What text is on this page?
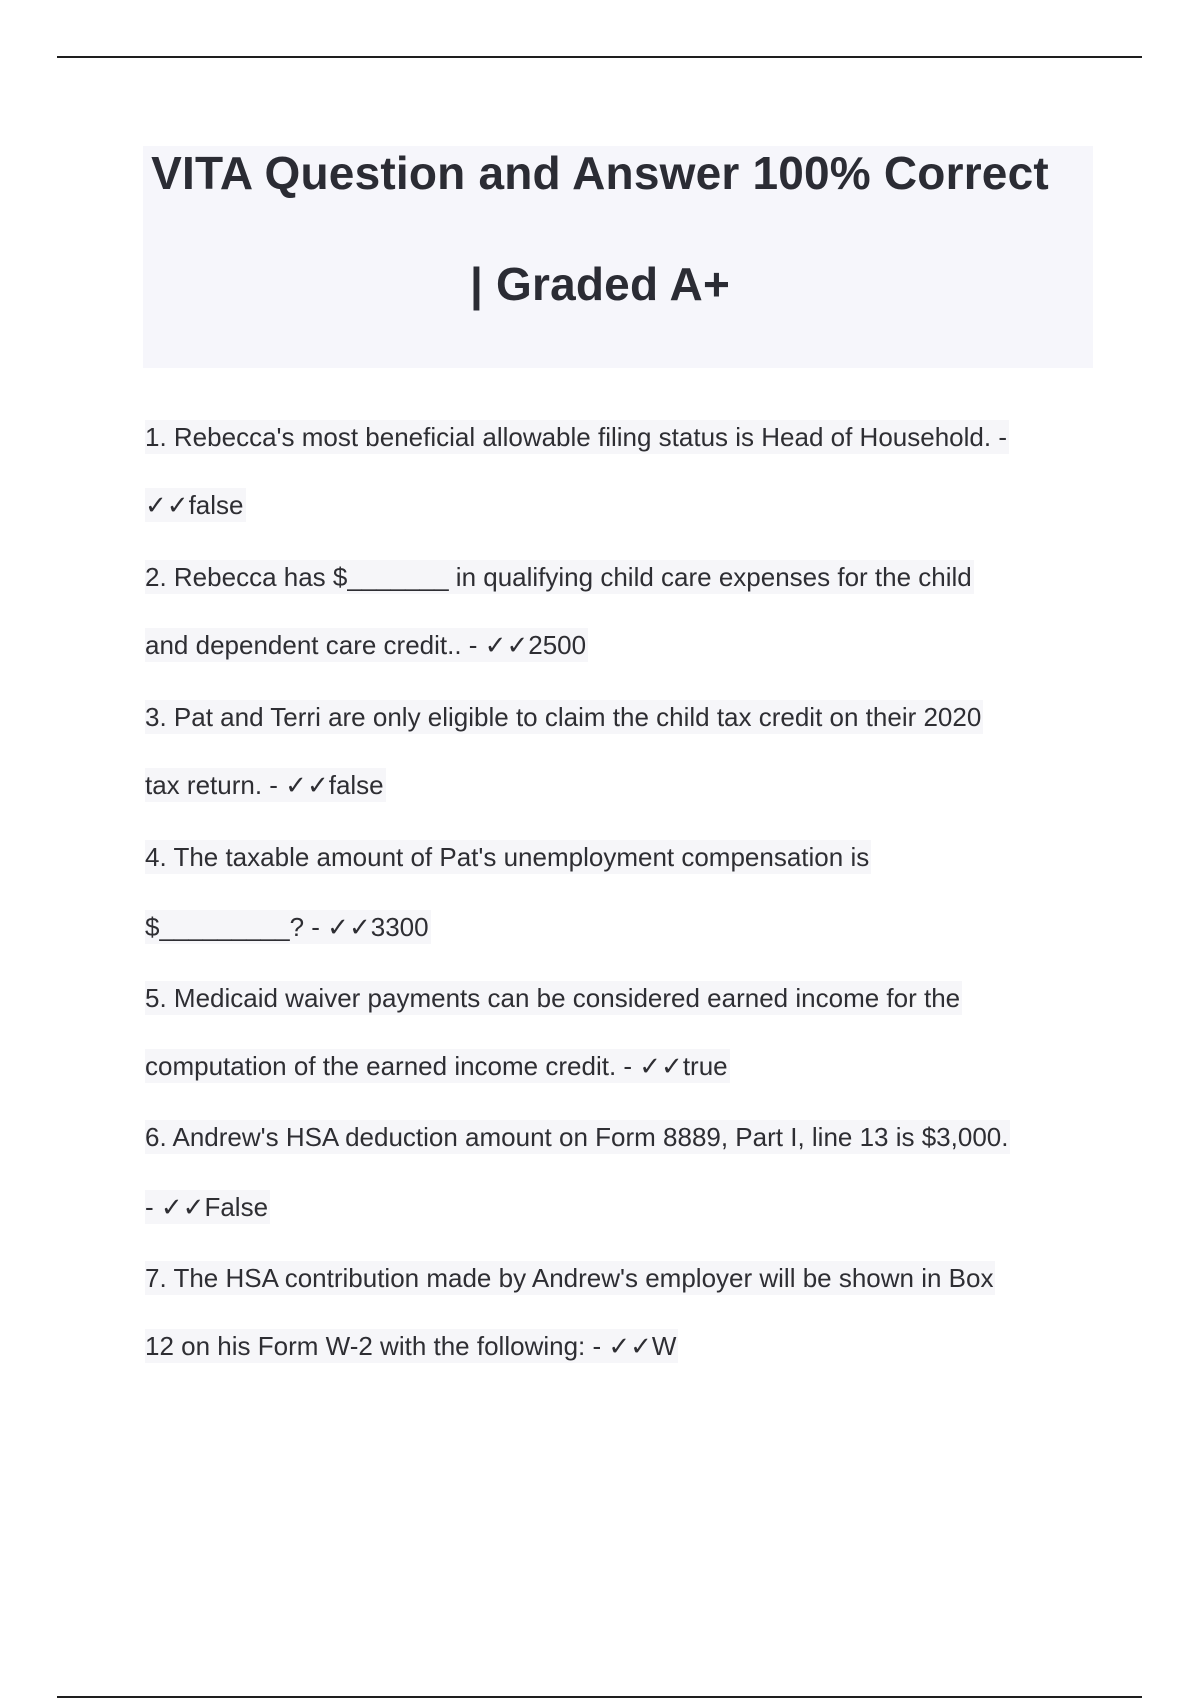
VITA Question and Answer 100% Correct
| Graded A+
1. Rebecca's most beneficial allowable filing status is Head of Household. -
✓✓false
2. Rebecca has $_______ in qualifying child care expenses for the child
and dependent care credit.. - ✓✓2500
3. Pat and Terri are only eligible to claim the child tax credit on their 2020
tax return. - ✓✓false
4. The taxable amount of Pat's unemployment compensation is
$_________? - ✓✓3300
5. Medicaid waiver payments can be considered earned income for the
computation of the earned income credit. - ✓✓true
6. Andrew's HSA deduction amount on Form 8889, Part I, line 13 is $3,000.
- ✓✓False
7. The HSA contribution made by Andrew's employer will be shown in Box
12 on his Form W-2 with the following: - ✓✓W
